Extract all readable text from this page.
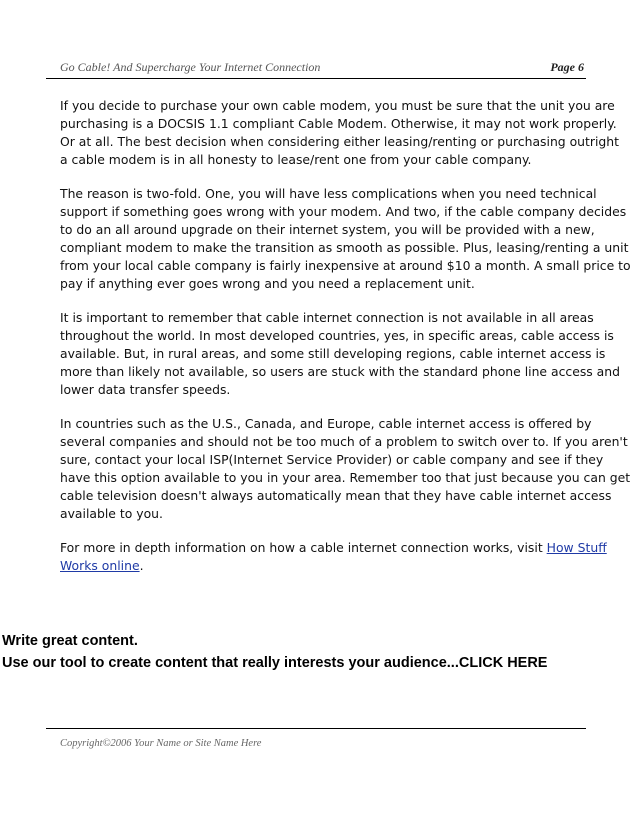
Go Cable! And Supercharge Your Internet Connection	Page 6

If you decide to purchase your own cable modem, you must be sure that the unit you are
purchasing is a DOCSIS 1.1 compliant Cable Modem. Otherwise, it may not work properly.
Or at all. The best decision when considering either leasing/renting or purchasing outright
a cable modem is in all honesty to lease/rent one from your cable company.

The reason is two-fold. One, you will have less complications when you need technical
support if something goes wrong with your modem. And two, if the cable company decides
to do an all around upgrade on their internet system, you will be provided with a new,
compliant modem to make the transition as smooth as possible. Plus, leasing/renting a unit
from your local cable company is fairly inexpensive at around $10 a month. A small price to
pay if anything ever goes wrong and you need a replacement unit.

It is important to remember that cable internet connection is not available in all areas
throughout the world. In most developed countries, yes, in specific areas, cable access is
available. But, in rural areas, and some still developing regions, cable internet access is
more than likely not available, so users are stuck with the standard phone line access and
lower data transfer speeds.

In countries such as the U.S., Canada, and Europe, cable internet access is offered by
several companies and should not be too much of a problem to switch over to. If you aren't
sure, contact your local ISP(Internet Service Provider) or cable company and see if they
have this option available to you in your area. Remember too that just because you can get
cable television doesn't always automatically mean that they have cable internet access
available to you.

For more in depth information on how a cable internet connection works, visit How Stuff
Works online.

Write great content.
Use our tool to create content that really interests your audience...CLICK HERE
Copyright©2006 Your Name or Site Name Here
